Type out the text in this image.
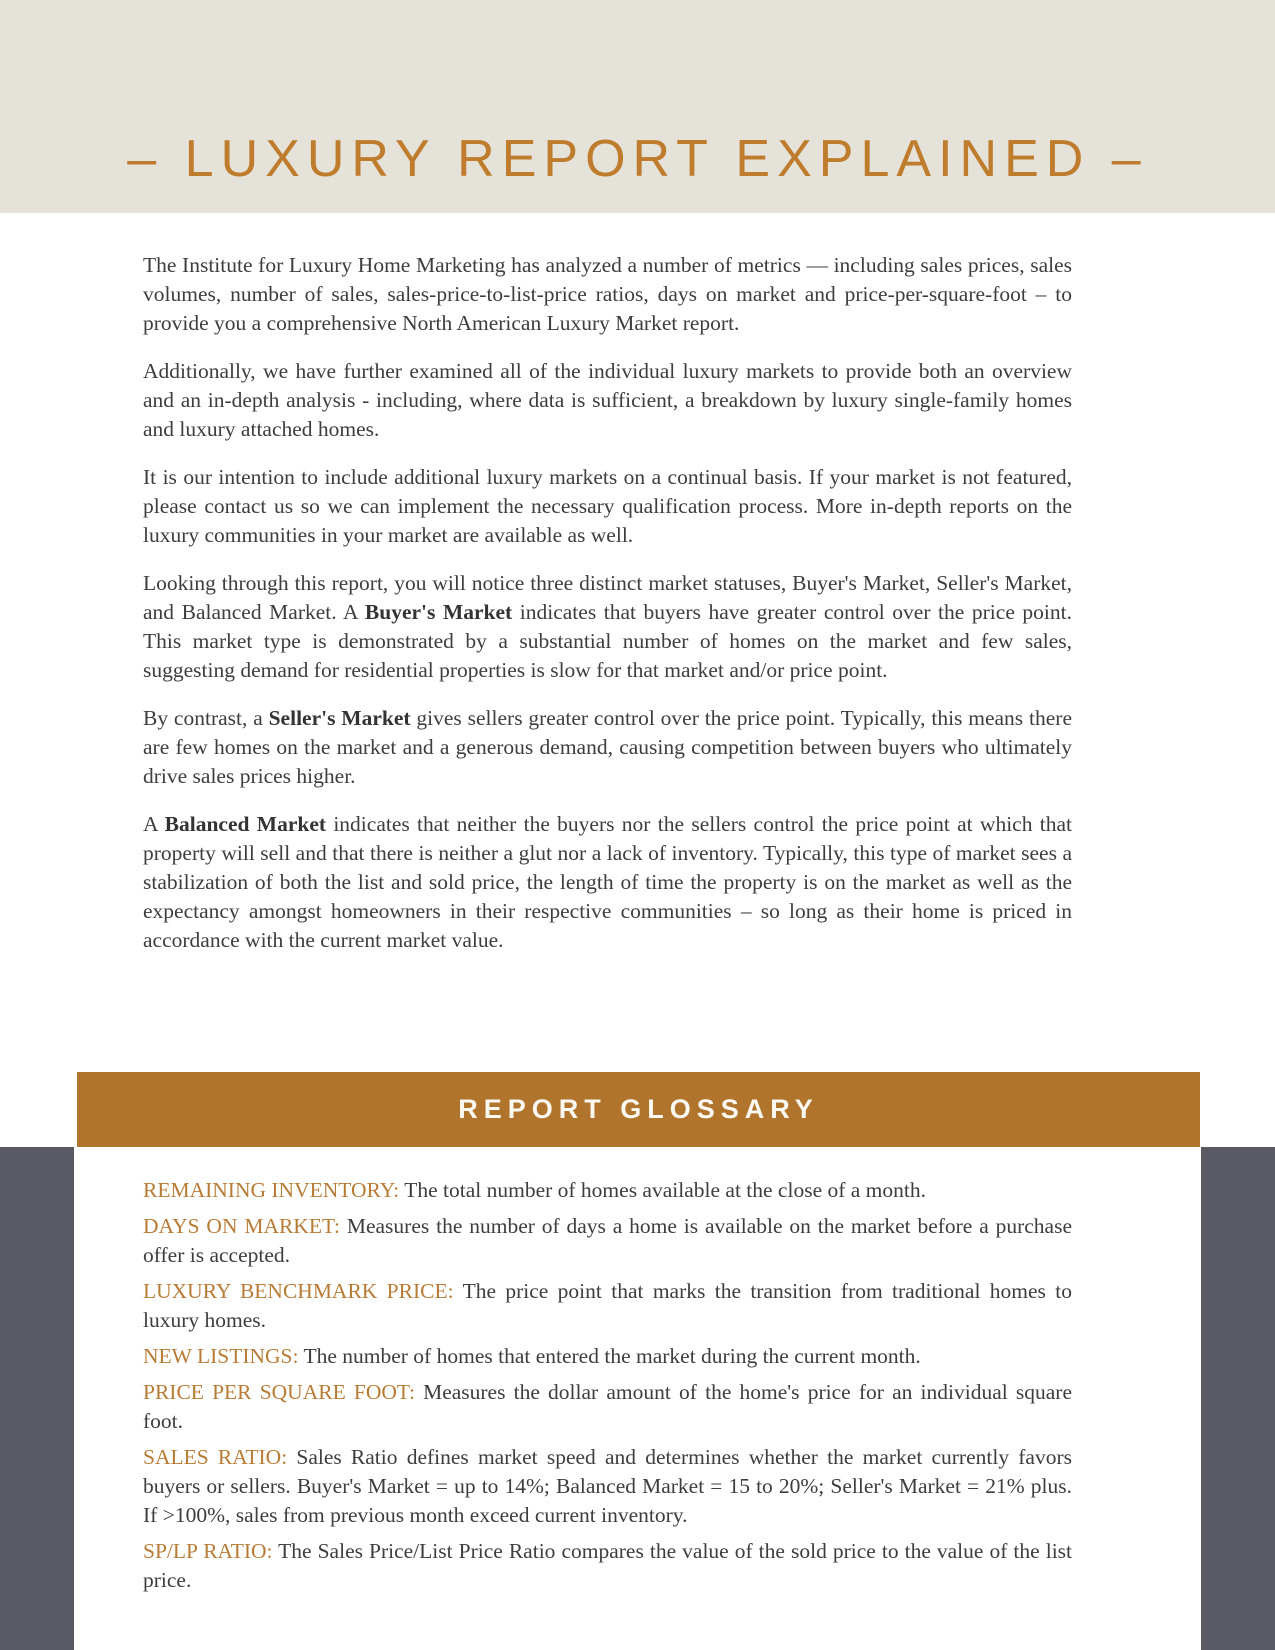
– LUXURY REPORT EXPLAINED –

The Institute for Luxury Home Marketing has analyzed a number of metrics — including sales prices, sales volumes, number of sales, sales-price-to-list-price ratios, days on market and price-per-square-foot – to provide you a comprehensive North American Luxury Market report.

Additionally, we have further examined all of the individual luxury markets to provide both an overview and an in-depth analysis - including, where data is sufficient, a breakdown by luxury single-family homes and luxury attached homes.

It is our intention to include additional luxury markets on a continual basis. If your market is not featured, please contact us so we can implement the necessary qualification process. More in-depth reports on the luxury communities in your market are available as well.

Looking through this report, you will notice three distinct market statuses, Buyer's Market, Seller's Market, and Balanced Market. A Buyer's Market indicates that buyers have greater control over the price point. This market type is demonstrated by a substantial number of homes on the market and few sales, suggesting demand for residential properties is slow for that market and/or price point.

By contrast, a Seller's Market gives sellers greater control over the price point. Typically, this means there are few homes on the market and a generous demand, causing competition between buyers who ultimately drive sales prices higher.

A Balanced Market indicates that neither the buyers nor the sellers control the price point at which that property will sell and that there is neither a glut nor a lack of inventory. Typically, this type of market sees a stabilization of both the list and sold price, the length of time the property is on the market as well as the expectancy amongst homeowners in their respective communities – so long as their home is priced in accordance with the current market value.

REPORT GLOSSARY

REMAINING INVENTORY: The total number of homes available at the close of a month.

DAYS ON MARKET: Measures the number of days a home is available on the market before a purchase offer is accepted.

LUXURY BENCHMARK PRICE: The price point that marks the transition from traditional homes to luxury homes.

NEW LISTINGS: The number of homes that entered the market during the current month.

PRICE PER SQUARE FOOT: Measures the dollar amount of the home's price for an individual square foot.

SALES RATIO: Sales Ratio defines market speed and determines whether the market currently favors buyers or sellers. Buyer's Market = up to 14%; Balanced Market = 15 to 20%; Seller's Market = 21% plus. If >100%, sales from previous month exceed current inventory.

SP/LP RATIO: The Sales Price/List Price Ratio compares the value of the sold price to the value of the list price.
